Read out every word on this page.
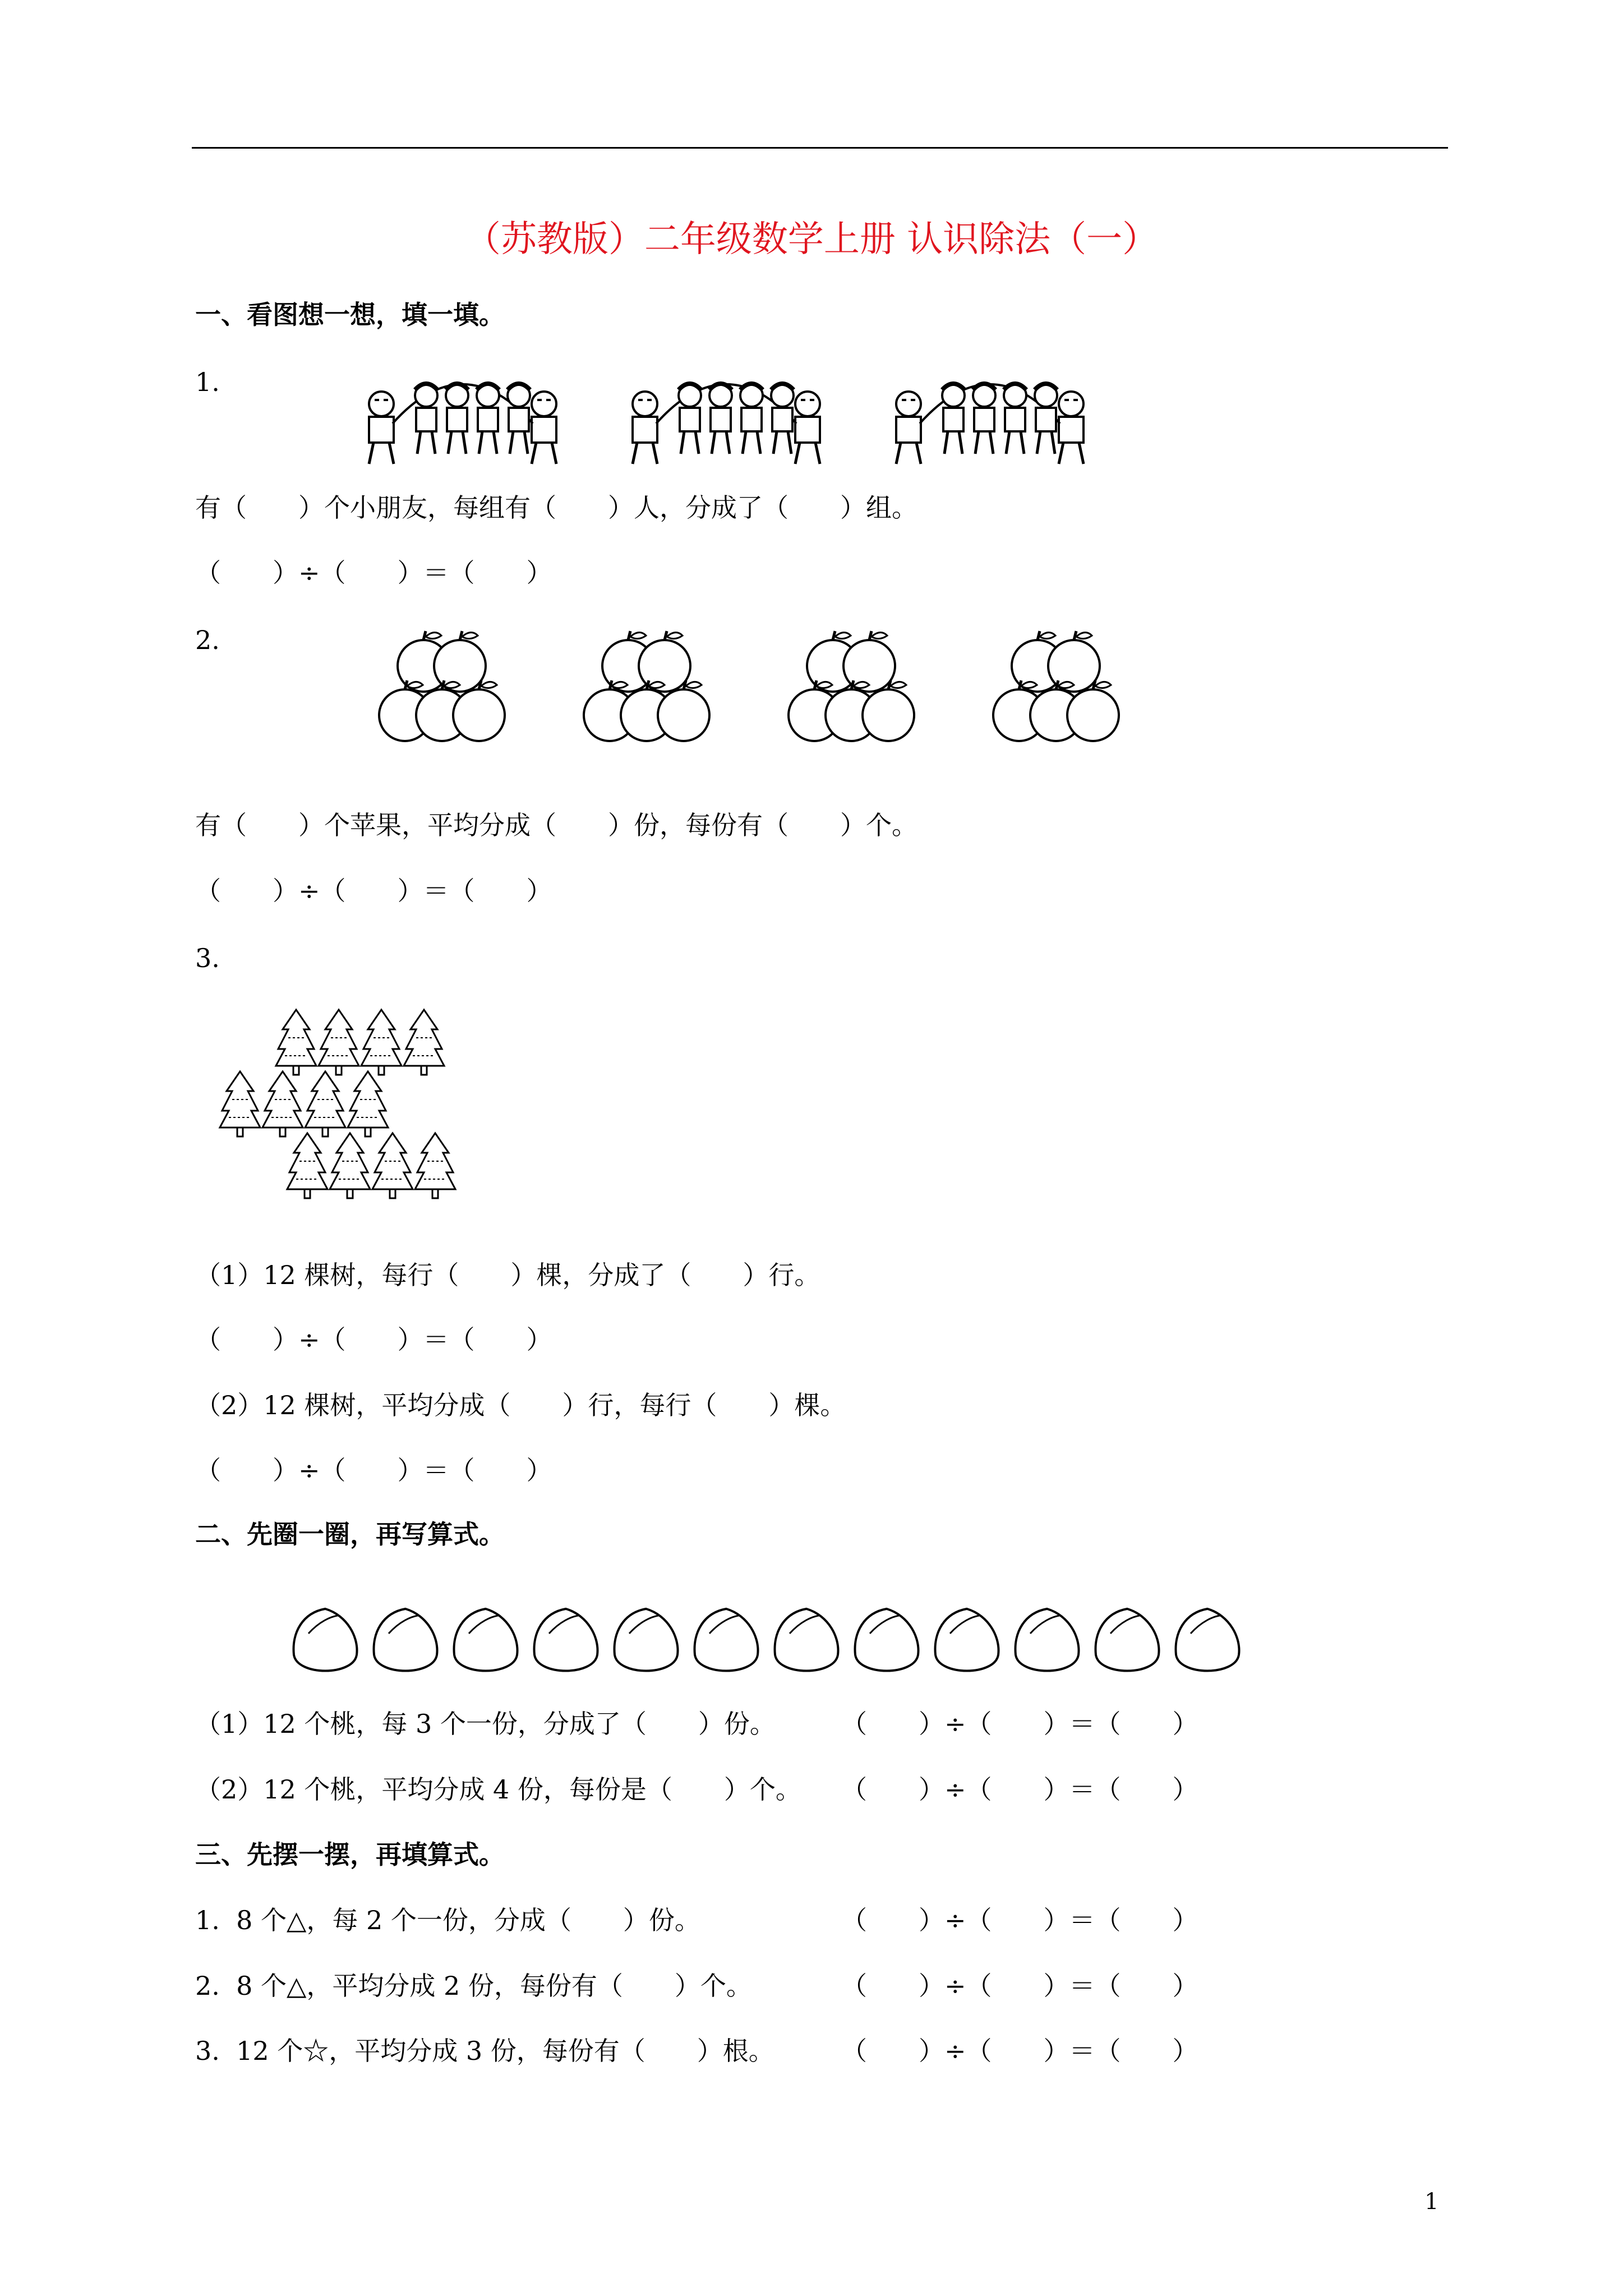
（苏教版）二年级数学上册 认识除法（一）
一、看图想一想，填一填。
1.
有（　　）个小朋友，每组有（　　）人，分成了（　　）组。
（　　）÷（　　）＝（　　）
2.
有（　　）个苹果，平均分成（　　）份，每份有（　　）个。
（　　）÷（　　）＝（　　）
3.
（1）12 棵树，每行（　　）棵，分成了（　　）行。
（　　）÷（　　）＝（　　）
（2）12 棵树，平均分成（　　）行，每行（　　）棵。
（　　）÷（　　）＝（　　）
二、先圈一圈，再写算式。
（1）12 个桃，每 3 个一份，分成了（　　）份。	（　　）÷（　　）＝（　　）
（2）12 个桃，平均分成 4 份，每份是（　　）个。 （　　）÷（　　）＝（　　）
三、先摆一摆，再填算式。
1.  8 个△，每 2 个一份，分成（　　）份。	（　　）÷（　　）＝（　　）
2.  8 个△，平均分成 2 份，每份有（　　）个。	（　　）÷（　　）＝（　　）
3.  12 个☆，平均分成 3 份，每份有（　　）根。	（　　）÷（　　）＝（　　）
1
